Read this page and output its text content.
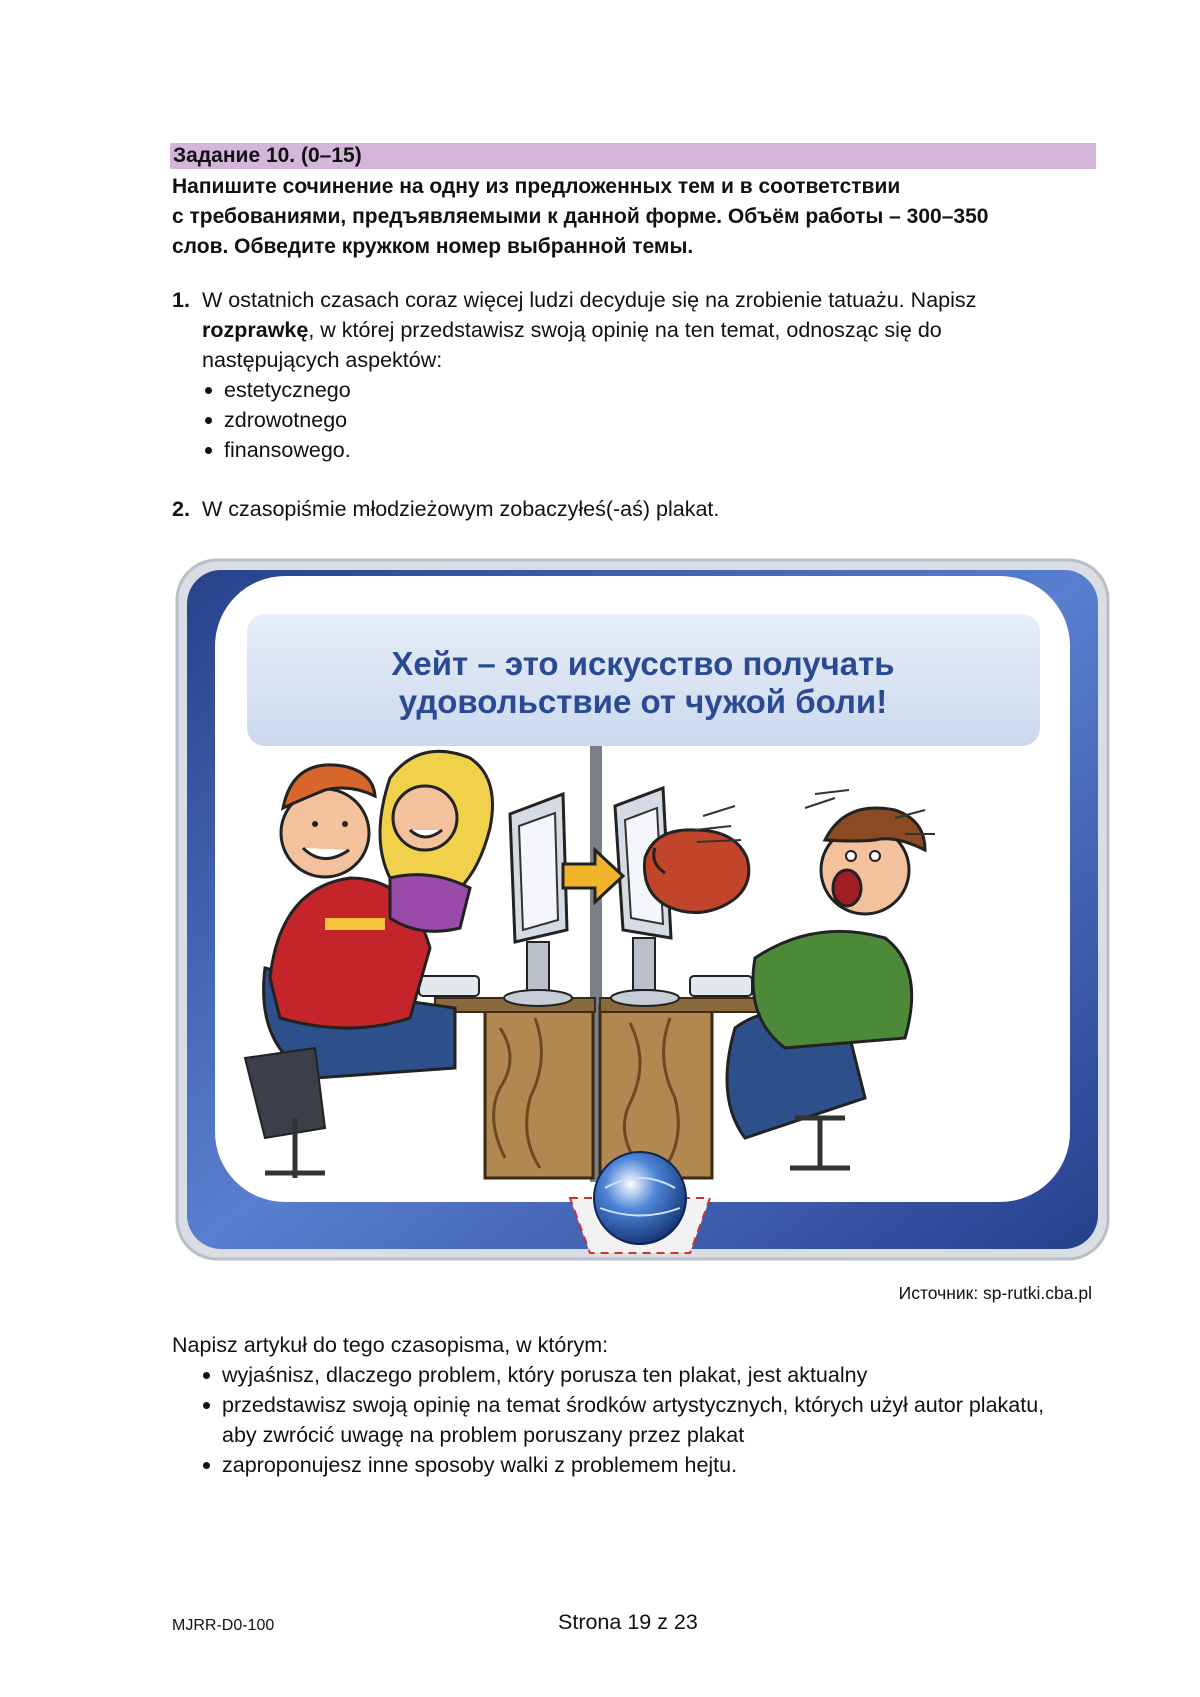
Задание 10. (0–15)
Напишите сочинение на одну из предложенных тем и в соответствии
с требованиями, предъявляемыми к данной форме. Объём работы – 300–350
слов. Обведите кружком номер выбранной темы.
1. W ostatnich czasach coraz więcej ludzi decyduje się na zrobienie tatuażu. Napisz
rozprawkę, w której przedstawisz swoją opinię na ten temat, odnosząc się do
następujących aspektów:
estetycznego
zdrowotnego
finansowego.
2. W czasopiśmie młodzieżowym zobaczyłeś(-aś) plakat.
Хейт – это искусство получать
удовольствие от чужой боли!
Источник: sp-rutki.cba.pl
Napisz artykuł do tego czasopisma, w którym:
wyjaśnisz, dlaczego problem, który porusza ten plakat, jest aktualny
przedstawisz swoją opinię na temat środków artystycznych, których użył autor plakatu,
aby zwrócić uwagę na problem poruszany przez plakat
zaproponujesz inne sposoby walki z problemem hejtu.
MJRR-D0-100	Strona 19 z 23
